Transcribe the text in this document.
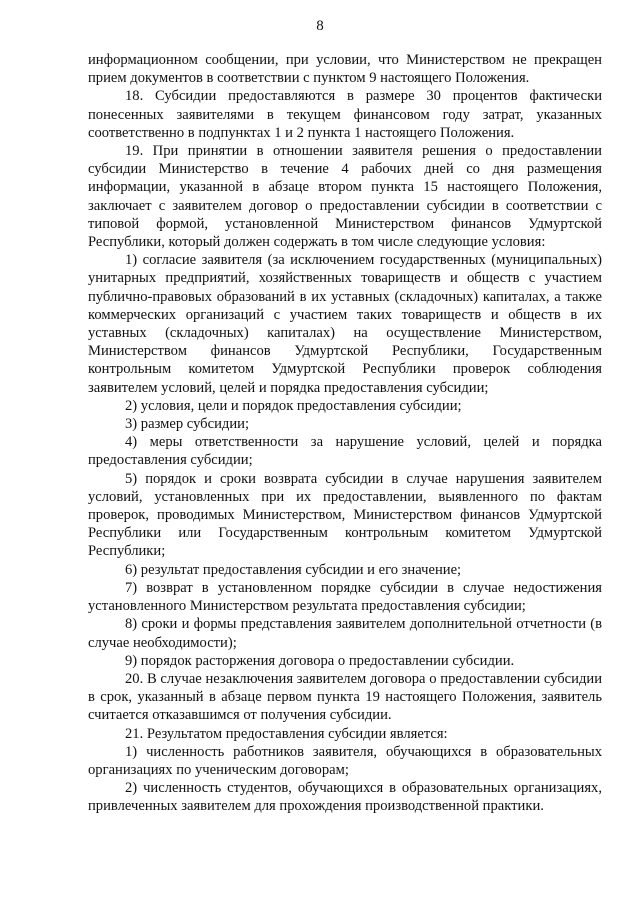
8

информационном сообщении, при условии, что Министерством не прекращен прием документов в соответствии с пунктом 9 настоящего Положения.

18. Субсидии предоставляются в размере 30 процентов фактически понесенных заявителями в текущем финансовом году затрат, указанных соответственно в подпунктах 1 и 2 пункта 1 настоящего Положения.

19. При принятии в отношении заявителя решения о предоставлении субсидии Министерство в течение 4 рабочих дней со дня размещения информации, указанной в абзаце втором пункта 15 настоящего Положения, заключает с заявителем договор о предоставлении субсидии в соответствии с типовой формой, установленной Министерством финансов Удмуртской Республики, который должен содержать в том числе следующие условия:

1) согласие заявителя (за исключением государственных (муниципальных) унитарных предприятий, хозяйственных товариществ и обществ с участием публично-правовых образований в их уставных (складочных) капиталах, а также коммерческих организаций с участием таких товариществ и обществ в их уставных (складочных) капиталах) на осуществление Министерством, Министерством финансов Удмуртской Республики, Государственным контрольным комитетом Удмуртской Республики проверок соблюдения заявителем условий, целей и порядка предоставления субсидии;

2) условия, цели и порядок предоставления субсидии;

3) размер субсидии;

4) меры ответственности за нарушение условий, целей и порядка предоставления субсидии;

5) порядок и сроки возврата субсидии в случае нарушения заявителем условий, установленных при их предоставлении, выявленного по фактам проверок, проводимых Министерством, Министерством финансов Удмуртской Республики или Государственным контрольным комитетом Удмуртской Республики;

6) результат предоставления субсидии и его значение;

7) возврат в установленном порядке субсидии в случае недостижения установленного Министерством результата предоставления субсидии;

8) сроки и формы представления заявителем дополнительной отчетности (в случае необходимости);

9) порядок расторжения договора о предоставлении субсидии.

20. В случае незаключения заявителем договора о предоставлении субсидии в срок, указанный в абзаце первом пункта 19 настоящего Положения, заявитель считается отказавшимся от получения субсидии.

21. Результатом предоставления субсидии является:

1) численность работников заявителя, обучающихся в образовательных организациях по ученическим договорам;

2) численность студентов, обучающихся в образовательных организациях, привлеченных заявителем для прохождения производственной практики.
